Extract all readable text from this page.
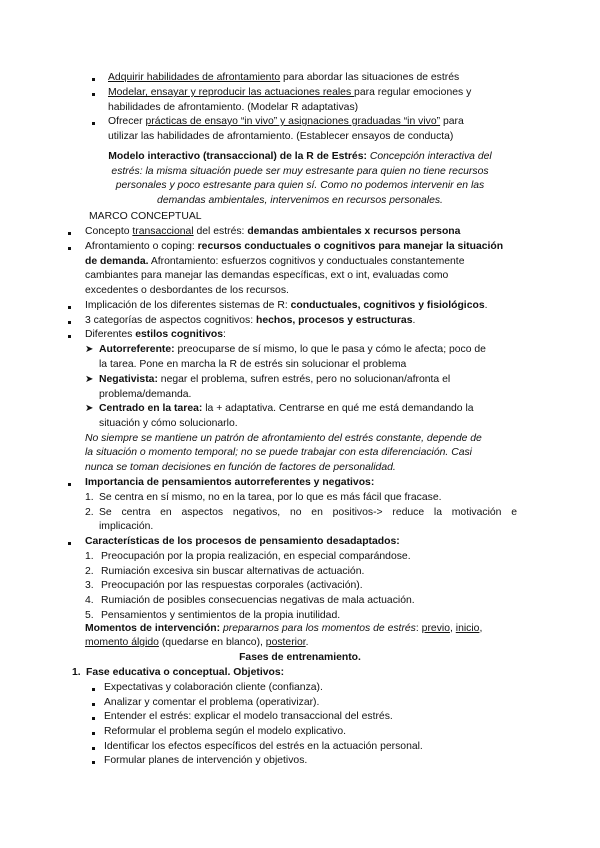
Adquirir habilidades de afrontamiento para abordar las situaciones de estrés
Modelar, ensayar y reproducir las actuaciones reales para regular emociones y
habilidades de afrontamiento. (Modelar R adaptativas)
Ofrecer prácticas de ensayo “in vivo” y asignaciones graduadas “in vivo” para
utilizar las habilidades de afrontamiento. (Establecer ensayos de conducta)
Modelo interactivo (transaccional) de la R de Estrés: Concepción interactiva del
estrés: la misma situación puede ser muy estresante para quien no tiene recursos
personales y poco estresante para quien sí. Como no podemos intervenir en las
demandas ambientales, intervenimos en recursos personales.
MARCO CONCEPTUAL
Concepto transaccional del estrés: demandas ambientales x recursos persona
Afrontamiento o coping: recursos conductuales o cognitivos para manejar la situación
de demanda. Afrontamiento: esfuerzos cognitivos y conductuales constantemente
cambiantes para manejar las demandas específicas, ext o int, evaluadas como
excedentes o desbordantes de los recursos.
Implicación de los diferentes sistemas de R: conductuales, cognitivos y fisiológicos.
3 categorías de aspectos cognitivos: hechos, procesos y estructuras.
Diferentes estilos cognitivos:
➤ Autorreferente: preocuparse de sí mismo, lo que le pasa y cómo le afecta; poco de
la tarea. Pone en marcha la R de estrés sin solucionar el problema
➤ Negativista: negar el problema, sufren estrés, pero no solucionan/afronta el
problema/demanda.
➤ Centrado en la tarea: la + adaptativa. Centrarse en qué me está demandando la
situación y cómo solucionarlo.
No siempre se mantiene un patrón de afrontamiento del estrés constante, depende de
la situación o momento temporal; no se puede trabajar con esta diferenciación. Casi
nunca se toman decisiones en función de factores de personalidad.
Importancia de pensamientos autorreferentes y negativos:
1. Se centra en sí mismo, no en la tarea, por lo que es más fácil que fracase.
2. Se centra en aspectos negativos, no en positivos-> reduce la motivación e
implicación.
Características de los procesos de pensamiento desadaptados:
1. Preocupación por la propia realización, en especial comparándose.
2. Rumiación excesiva sin buscar alternativas de actuación.
3. Preocupación por las respuestas corporales (activación).
4. Rumiación de posibles consecuencias negativas de mala actuación.
5. Pensamientos y sentimientos de la propia inutilidad.
Momentos de intervención: prepararnos para los momentos de estrés: previo, inicio,
momento álgido (quedarse en blanco), posterior.
Fases de entrenamiento.
1. Fase educativa o conceptual. Objetivos:
Expectativas y colaboración cliente (confianza).
Analizar y comentar el problema (operativizar).
Entender el estrés: explicar el modelo transaccional del estrés.
Reformular el problema según el modelo explicativo.
Identificar los efectos específicos del estrés en la actuación personal.
Formular planes de intervención y objetivos.
